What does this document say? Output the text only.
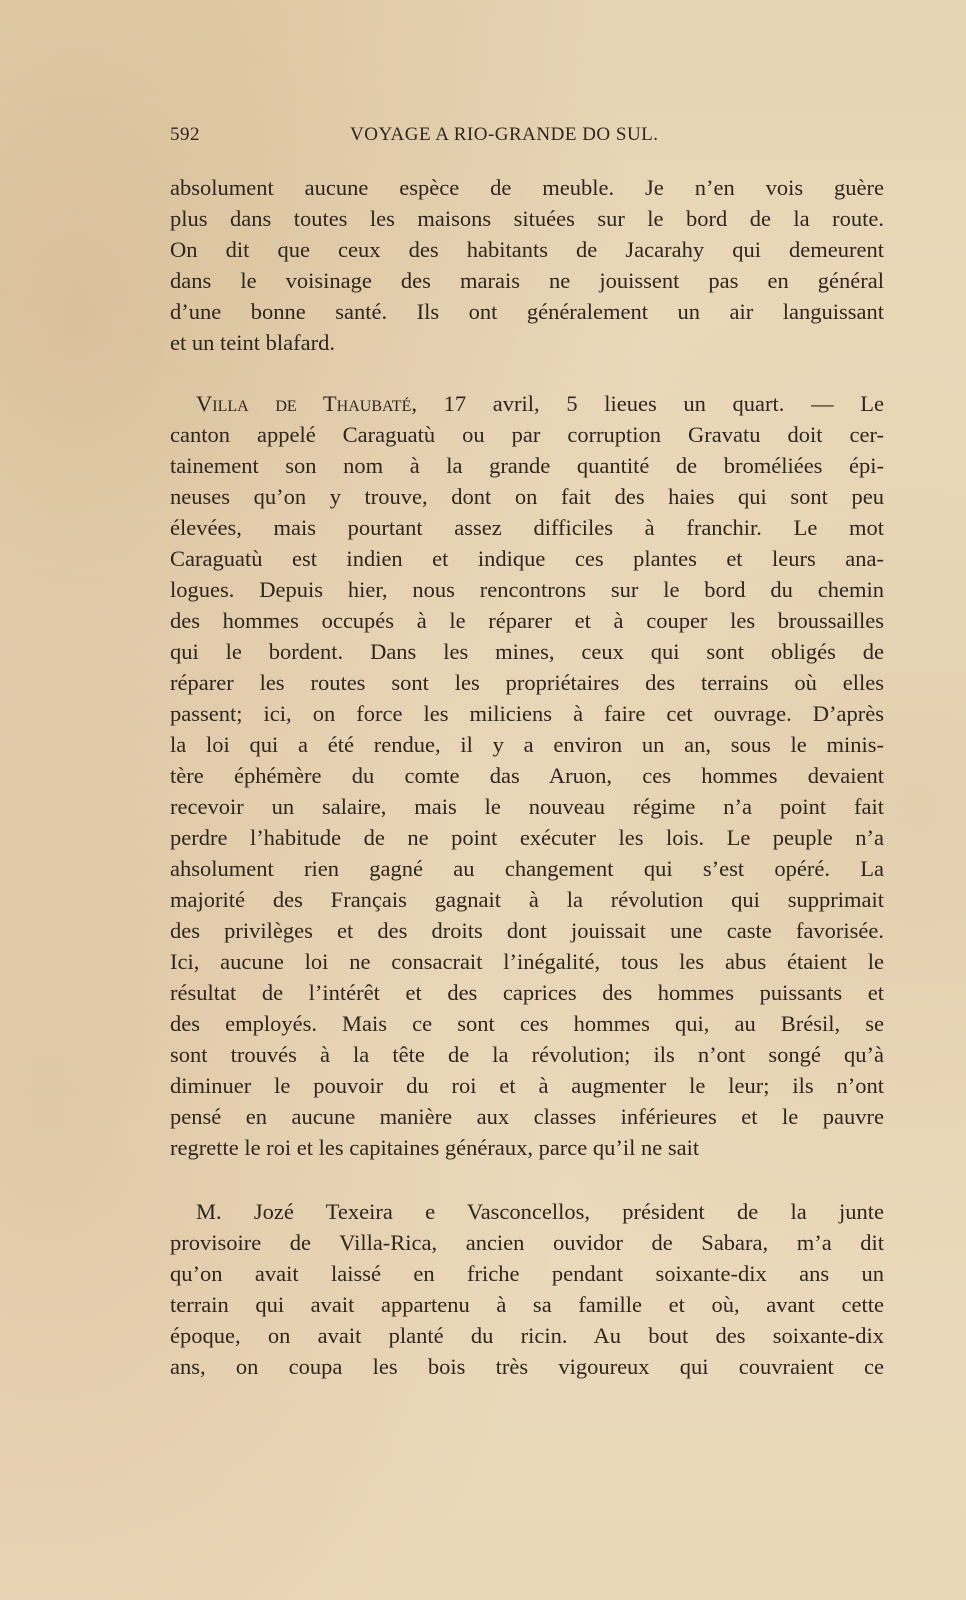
592	VOYAGE A RIO-GRANDE DO SUL.
absolument aucune espèce de meuble. Je n’en vois guère
plus dans toutes les maisons situées sur le bord de la route.
On dit que ceux des habitants de Jacarahy qui demeurent
dans le voisinage des marais ne jouissent pas en général
d’une bonne santé. Ils ont généralement un air languissant
et un teint blafard.
Villa de Thaubaté, 17 avril, 5 lieues un quart. — Le
canton appelé Caraguatù ou par corruption Gravatu doit cer-
tainement son nom à la grande quantité de broméliées épi-
neuses qu’on y trouve, dont on fait des haies qui sont peu
élevées, mais pourtant assez difficiles à franchir. Le mot
Caraguatù est indien et indique ces plantes et leurs ana-
logues. Depuis hier, nous rencontrons sur le bord du chemin
des hommes occupés à le réparer et à couper les broussailles
qui le bordent. Dans les mines, ceux qui sont obligés de
réparer les routes sont les propriétaires des terrains où elles
passent; ici, on force les miliciens à faire cet ouvrage. D’après
la loi qui a été rendue, il y a environ un an, sous le minis-
tère éphémère du comte das Aruon, ces hommes devaient
recevoir un salaire, mais le nouveau régime n’a point fait
perdre l’habitude de ne point exécuter les lois. Le peuple n’a
ahsolument rien gagné au changement qui s’est opéré. La
majorité des Français gagnait à la révolution qui supprimait
des privilèges et des droits dont jouissait une caste favorisée.
Ici, aucune loi ne consacrait l’inégalité, tous les abus étaient le
résultat de l’intérêt et des caprices des hommes puissants et
des employés. Mais ce sont ces hommes qui, au Brésil, se
sont trouvés à la tête de la révolution; ils n’ont songé qu’à
diminuer le pouvoir du roi et à augmenter le leur; ils n’ont
pensé en aucune manière aux classes inférieures et le pauvre
regrette le roi et les capitaines généraux, parce qu’il ne sait
M. Jozé Texeira e Vasconcellos, président de la junte
provisoire de Villa-Rica, ancien ouvidor de Sabara, m’a dit
qu’on avait laissé en friche pendant soixante-dix ans un
terrain qui avait appartenu à sa famille et où, avant cette
époque, on avait planté du ricin. Au bout des soixante-dix
ans, on coupa les bois très vigoureux qui couvraient ce
